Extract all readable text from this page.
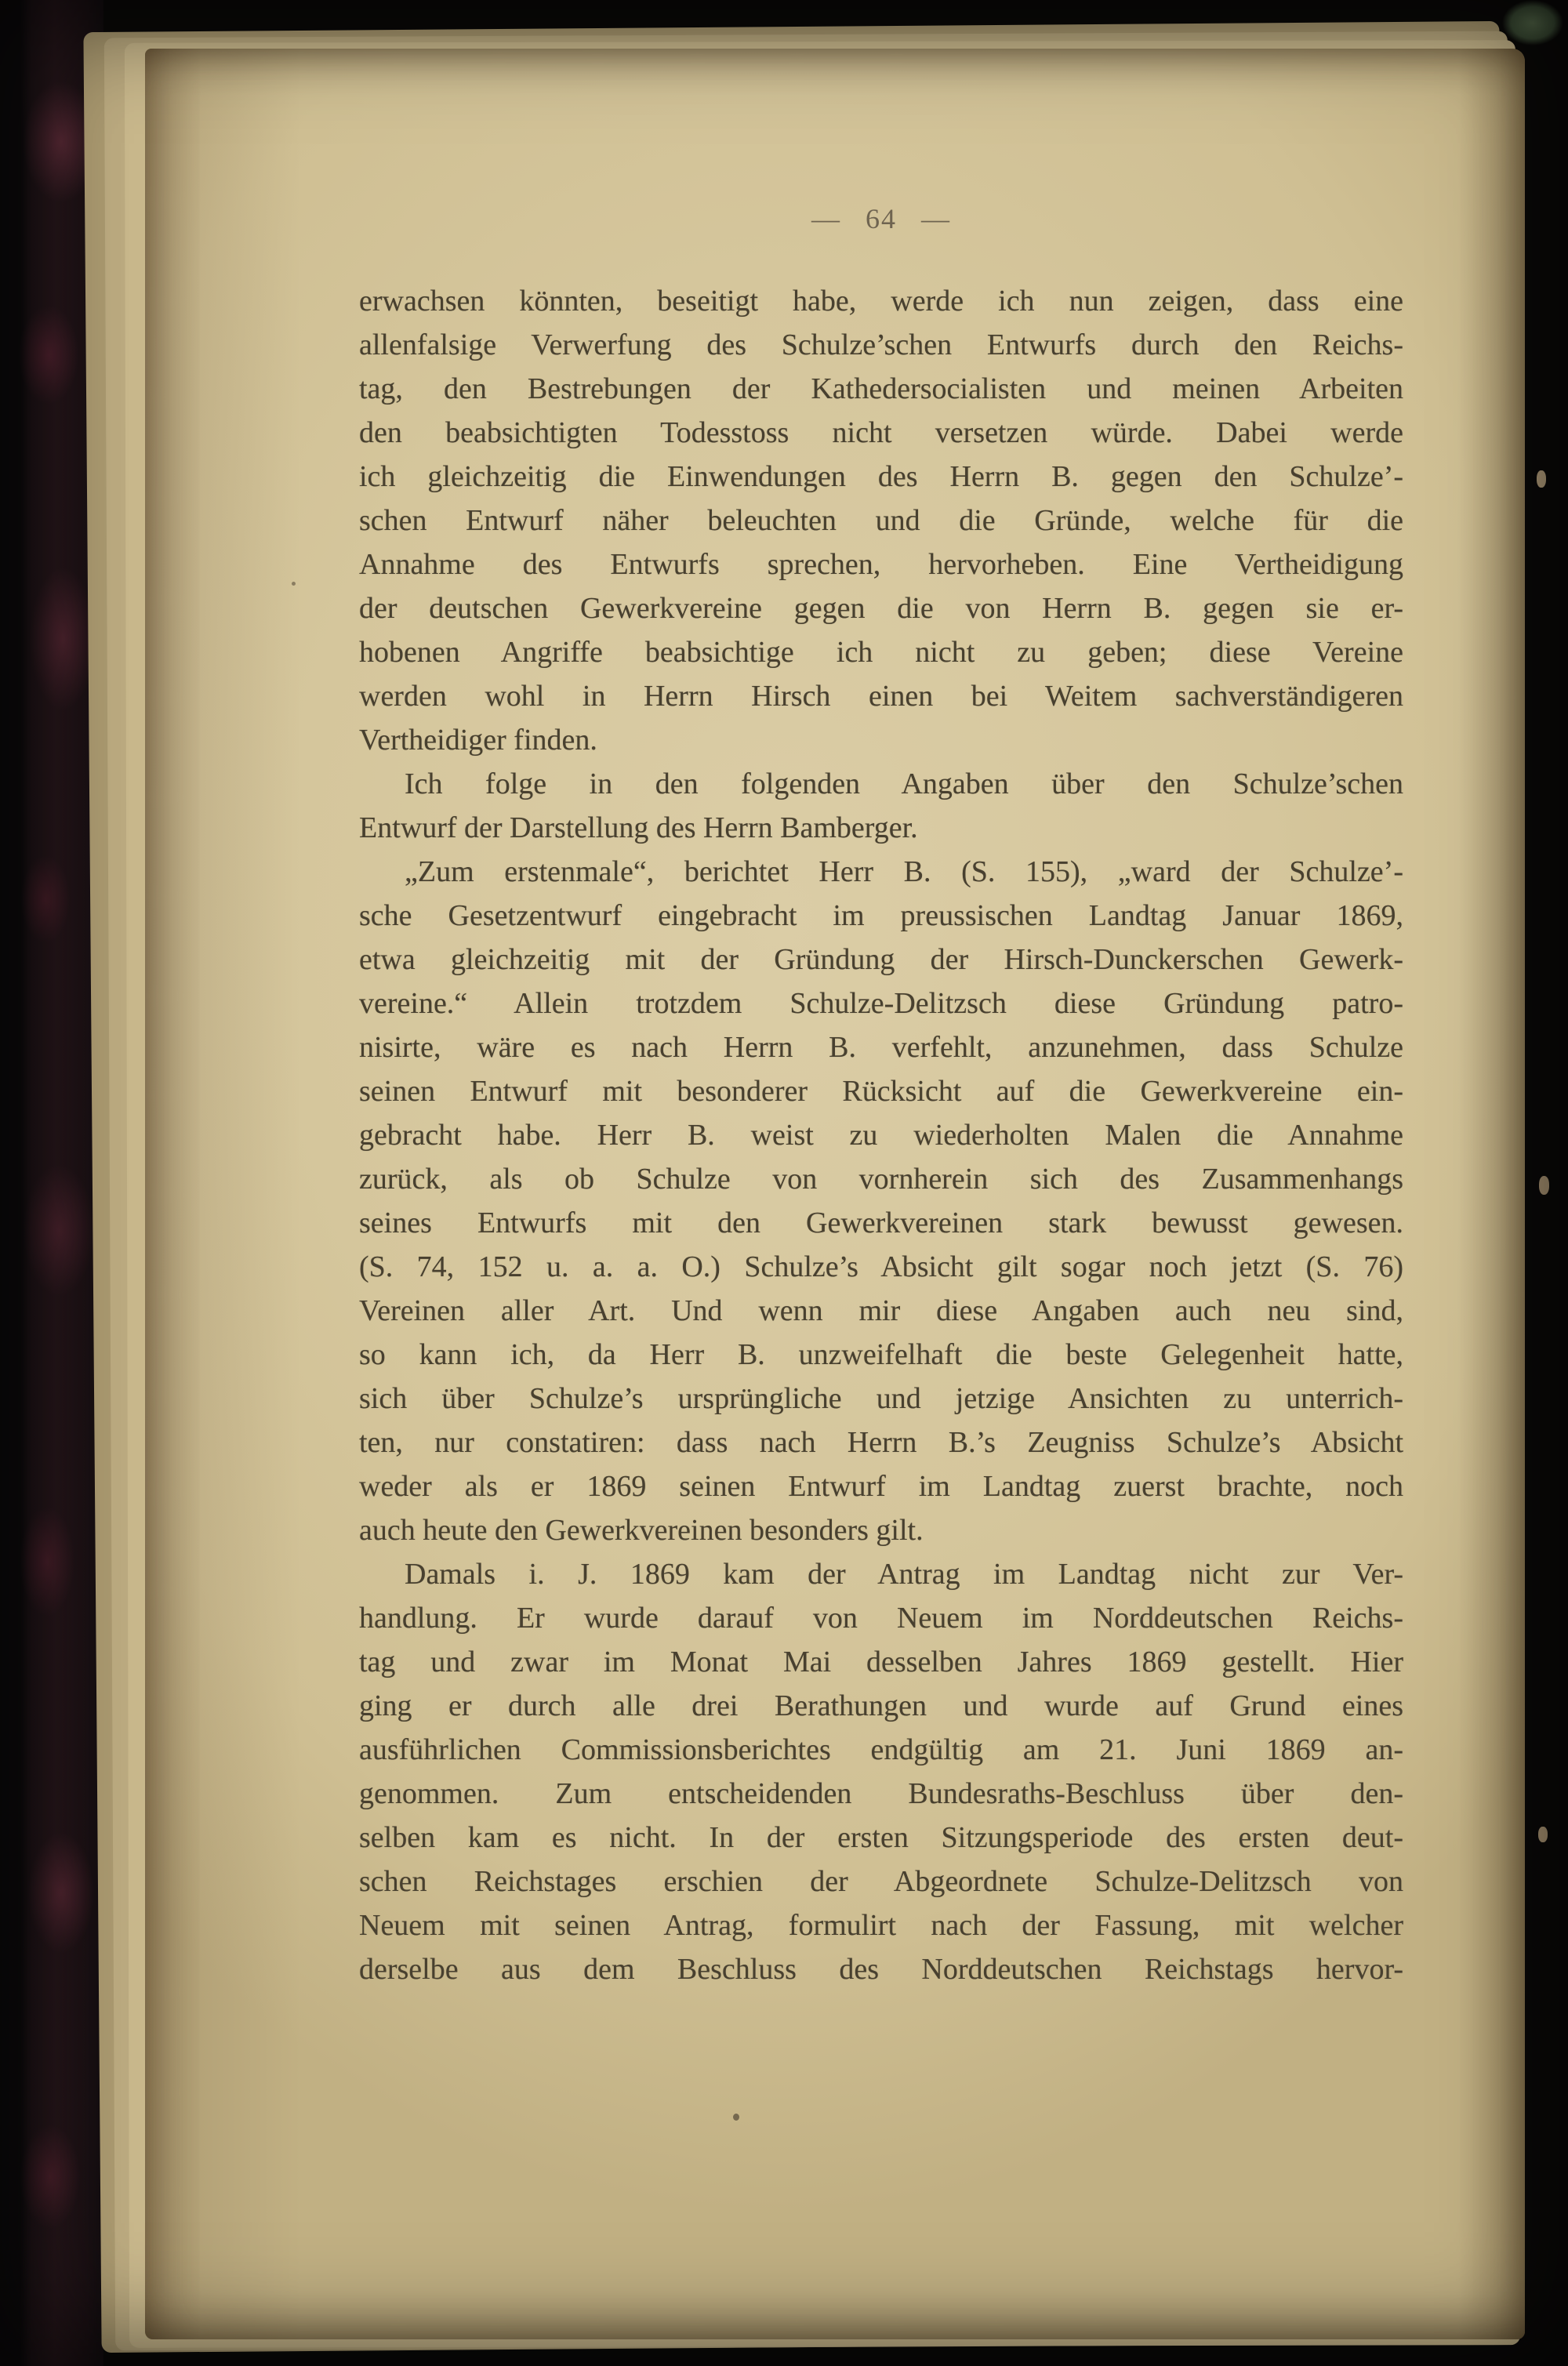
— 64 —
erwachsen könnten, beseitigt habe, werde ich nun zeigen, dass eine
allenfalsige Verwerfung des Schulze’schen Entwurfs durch den Reichs-
tag, den Bestrebungen der Kathedersocialisten und meinen Arbeiten
den beabsichtigten Todesstoss nicht versetzen würde. Dabei werde
ich gleichzeitig die Einwendungen des Herrn B. gegen den Schulze’-
schen Entwurf näher beleuchten und die Gründe, welche für die
Annahme des Entwurfs sprechen, hervorheben. Eine Vertheidigung
der deutschen Gewerkvereine gegen die von Herrn B. gegen sie er-
hobenen Angriffe beabsichtige ich nicht zu geben; diese Vereine
werden wohl in Herrn Hirsch einen bei Weitem sachverständigeren
Vertheidiger finden.
Ich folge in den folgenden Angaben über den Schulze’schen
Entwurf der Darstellung des Herrn Bamberger.
„Zum erstenmale“, berichtet Herr B. (S. 155), „ward der Schulze’-
sche Gesetzentwurf eingebracht im preussischen Landtag Januar 1869,
etwa gleichzeitig mit der Gründung der Hirsch-Dunckerschen Gewerk-
vereine.“ Allein trotzdem Schulze-Delitzsch diese Gründung patro-
nisirte, wäre es nach Herrn B. verfehlt, anzunehmen, dass Schulze
seinen Entwurf mit besonderer Rücksicht auf die Gewerkvereine ein-
gebracht habe. Herr B. weist zu wiederholten Malen die Annahme
zurück, als ob Schulze von vornherein sich des Zusammenhangs
seines Entwurfs mit den Gewerkvereinen stark bewusst gewesen.
(S. 74, 152 u. a. a. O.) Schulze’s Absicht gilt sogar noch jetzt (S. 76)
Vereinen aller Art. Und wenn mir diese Angaben auch neu sind,
so kann ich, da Herr B. unzweifelhaft die beste Gelegenheit hatte,
sich über Schulze’s ursprüngliche und jetzige Ansichten zu unterrich-
ten, nur constatiren: dass nach Herrn B.’s Zeugniss Schulze’s Absicht
weder als er 1869 seinen Entwurf im Landtag zuerst brachte, noch
auch heute den Gewerkvereinen besonders gilt.
Damals i. J. 1869 kam der Antrag im Landtag nicht zur Ver-
handlung. Er wurde darauf von Neuem im Norddeutschen Reichs-
tag und zwar im Monat Mai desselben Jahres 1869 gestellt. Hier
ging er durch alle drei Berathungen und wurde auf Grund eines
ausführlichen Commissionsberichtes endgültig am 21. Juni 1869 an-
genommen. Zum entscheidenden Bundesraths-Beschluss über den-
selben kam es nicht. In der ersten Sitzungsperiode des ersten deut-
schen Reichstages erschien der Abgeordnete Schulze-Delitzsch von
Neuem mit seinen Antrag, formulirt nach der Fassung, mit welcher
derselbe aus dem Beschluss des Norddeutschen Reichstags hervor-
